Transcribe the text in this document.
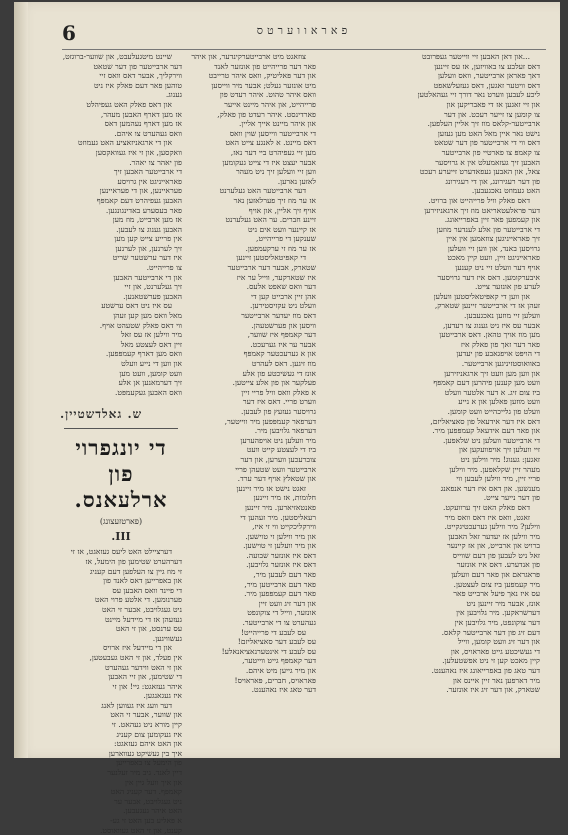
6	פאראווערטס
...און דאן האבען זיי ווייטער געפּרובט
דאס זעלבע צו באוויזען, אז עס זיינען
דאך פאראן ארבייטער, וואס וועלען
דאס וויטער זאגען, דאס געזעלשאפט
ליכע לעבען ווערט נאר דורך זיי געהאלטען
און זיי זאגען אז די פאבריקען און
צו קומען צו זייער רעכט. און דער
ארבייטער-קלאס מוז זיך אליין העלפען.
נישט נאר איין מאל האט מען געזען
דאס ווי די ארבייטער פון דער שטאט
צו קאמפּ צו פארטיי פון ארבייטער
האבען זיך געזאמעלט אין א גרויסער
צאל, און האבען געפאדערט זייערע רעכט
פון דער רעגירונג, און די רעגירונג
האט געמוזט נאכגעבען.
דאס פאלק וויל פרייהייט און ברויט.
דער פּראלעטאריאט מוז זיך ארגאניזירען
און קעמפען פאר זיין באפרייאונג.
די ארבייטער פון אלע לענדער מוזען
זיך פאראייניגען צוזאמען אין איין
גרויסען באנד, און ווען זיי וועלען
פאראייניגט זיין, וועט קיין מאכט
אויף דער וועלט זיי ניט קענען
איבערקומען. דאס איז דער גרויסער
לערע פון אונזער צייט.
און ווען די קאפּיטאליסטען וועלען
זעהן אז די ארבייטער זיינען שטארק,
וועלען זיי מוזען נאכגעבען.
אבער עס איז ניט גענוג צו רעדען,
מען מוז אויך טהאן. דאס ארבייטען
פאר דער זאך פון פאלק איז
די הויפּט אויפגאבע פון יעדען
באוואוסטזיניגען ארבייטער.
און ווען מען וועט זיך ארגאניזירען
וועט מען קענען פיהרען דעם קאמפּף
ביז צום זיג. א דער אלטער וועלט
וועט מוזען פאלען און א נייע
וועלט פון גלייכהייט וועט קומען.
דאס איז דער אידעאל פון סאציאליזם,
און פאר דעם אידעאל קעמפּפען מיר.
די ארבייטער וועלען ניט שלאפען.
זיי וועלען זיך אויפוועקען און
זאגען: גענוג! מיר ווילען ניט
מעהר זיין שקלאפען. מיר ווילען
פריי זיין, מיר ווילען לעבען ווי
מענשען. און דאס איז דער אנפאנג
פון דער נייער צייט.
דאס פאלק האט זיך ערוועקט.
זאגט, וואס איז דאס וואס מיר
ווילען? מיר ווילען גערעכטיגקייט.
מיר ווילען אז יעדער זאל האבען
ברויט און ארבייט, און אז קיינער
זאל ניט לעבען פון דעם שווייס
פון אנדערע. דאס איז אונזער
פּראגראם און פאר דעם וועלען
מיר קעמפען ביז צום לעצטען.
עס איז נאך פיעל ארבייט פאר
אונז, אבער מיר זיינען ניט
דערשראקען. מיר גלויבען אין
דער צוקונפט, מיר גלויבען אין
דעם זיג פון דער ארבייטער קלאס.
און דער זיג וועט קומען, ווייל
די געשיכטע גייט פאראויס, און
קיין מאכט קען זי ניט אפשטעלען.
דער טאג פון באפרייאונג איז נאהענט.
מיר דארפען נאר זיין איינס און
שטארק, און דער זיג איז אונזער.
צוזאגט מיט ארבייטערקינדער, און איהר
פאר דער פרייהייט פון אונזער לאנד
און דער פּאליטיק, וואס איהר טרייבט
מיט אונזער געלט; אבער מיר ווייסען
וואס איהר טהוט. איהר רעדט פון
פרייהייט, און איהר מיינט אייער
פארדינסט. איהר רעדט פון פאלק,
און איהר מיינט אייך אליין.
די ארבייטער ווייסען שוין וואס
דאס מיינט. א לאנגע צייט האט
מען זיי געפיהרט ביי דער נאז,
אבער יעצט איז די צייט געקומען
ווען זיי וועלען זיך ניט מעהר
לאזען נארען.
דער ארבייטער האט געלערנט
אז ער מוז זיך פערלאזען נאר
אויף זיך אליין, און אויף
זיינע חברים. ער האט געלערנט
אז קיינער וועט אים ניט
שענקען די פרייהייט,
אז ער מוז זי ערקעמפען.
די קאפּיטאליסטען זיינען
שטארק, אבער דער ארבייטער
איז שטארקער, ווייל ער איז
דער וואס שאפט אלעס.
אהן זיין ארבייט קען די
וועלט ניט עקזיסטירען.
דאס מוז יעדער ארבייטער
וויסען און פערשטעהן.
דער קאמפּף איז שווער,
אבער ער איז גערעכט.
און א גערעכטער קאמפּף
מוז זיגען. דאס לעהרט
אונז די געשיכטע פון אלע
פעלקער און פון אלע צייטען.
א פאלק וואס וויל פריי זיין
ווערט פריי. דאס איז דער
גרויסער געזעץ פון לעבען.
דערפאר קעמפּפען מיר ווייטער,
דערפאר גלויבען מיר.
מיר וועלען ניט אויפהערען
ביז די לעצטע קייט וועט
צוברעכען ווערען, און דער
ארבייטער וועט שטעהן פריי
און שטאלץ אויף דער ערד.
זאגט נישט אז מיר זיינען
חלומות, אז מיר זיינען
פאנטאזיארען. מיר זיינען
רעאליסטען. מיר זעהען די
ווירקליכקייט ווי זי איז,
און מיר ווילען זי טוישען.
און מיר וועלען זי טוישען.
דאס איז אונזער שבועה.
דאס איז אונזער גלויבען.
פאר דעם לעבען מיר,
פאר דעם ארבייטען מיר,
פאר דעם קעמפּפען מיר.
און דער זיג וועט זיין
אונזער, ווייל די צוקונפט
געהערט צו די ארבייטער.
עס לעבע די פרייהייט!
עס לעבע דער סאציאליזם!
עס לעבע די אינטערנאציאנאלע!
דער קאמפּף גייט ווייטער,
און מיר גייען מיט איהם.
פּאראויס, חברים, פּאראויס!
דער טאג איז נאהענט.
שיינט מיטגעלעבט, און שווער-ברוגזט,
דער ארבייטער פון דער שטאט
ווירקליך, אבער דאס וואס זיי
טוהען פאר דעם פאלק איז ניט
גענוג.
און דאס פאלק האט געפיהלט
אז מען דארף האבען מעהר,
אז מען דארף נעהמען דאס
וואס געהערט צו איהם.
און די ארגאניזאציע האט געמוזט
וואקסען, און זי איז געוואקסען
פון יאהר צו יאהר.
די ארבייטער האבען זיך
פאראייניגט אין גרויסע
פעראיינען, און די פעראיינען
האבען געפיהרט דעם קאמפּף
פאר בעסערע באדינגונגען.
אז מען ארבייט, מוז מען
האבען גענוג צו לעבען.
אין פרייע צייט קען מען
זיך לערנען, און לערנען
איז דער ערשטער שריט
צו פרייהייט.
און די ארבייטער האבען
זיך געלערנט, און זיי
האבען פערשטאנען.
עס איז ניט דאס ערשטע
מאל וואס מען קען זעהן
ווי דאס פאלק שטעהט אויף.
מיר ווילען אז עס זאל
זיין דאס לעצטע מאל
וואס מען דארף קעמפּפען.
און ווען די נייע וועלט
וועט קומען, וועט מען
זיך דערמאנען אן אלע
וואס האבען געקעמפּט.
ש. גאלדשטיין.
די יונגפרוי
פון ארלעאנס.
(פארטזעצונג)
III.
דערציילט האט ליעס געזאגט, אז זי
דערהערט שטימען פון הימעל, אז
זי מוז גיין צו העלפען דעם קעניג
און באפרייען דאס לאנד פון
די פיינד וואס האבען עס
פערנומען. די אלטע פרוי האט
ניט געגלויבט, אבער זי האט
געזעהן אז די מיידעל מיינט
עס ערנסט, און זי האט
געשוויגען.
און די מיידעל איז ארויס
אין פעלד, און זי האט געבעטען,
און זי האט ווידער געהערט
די שטימען, און זיי האבען
איהר געזאגט: גיי! און זי
איז געגאנגען.
דער וועג איז געווען לאנג
און שווער, אבער זי האט
קיין מורא ניט געהאט. זי
איז געקומען צום קעניג
און האט איהם געזאגט:
איך בין געשיקט געווארען
פון הימעל צו באפרייען
דיין לאנד. גיב מיר זעלנער
און איך וועל גיין אין
קאמפּף. דער קעניג האט
ניט געגלויבט, אבער ער
האט איהר געגעבען.
א פּאליע בען האט זי גע-
קענט, און זי האט געוואוסט.
